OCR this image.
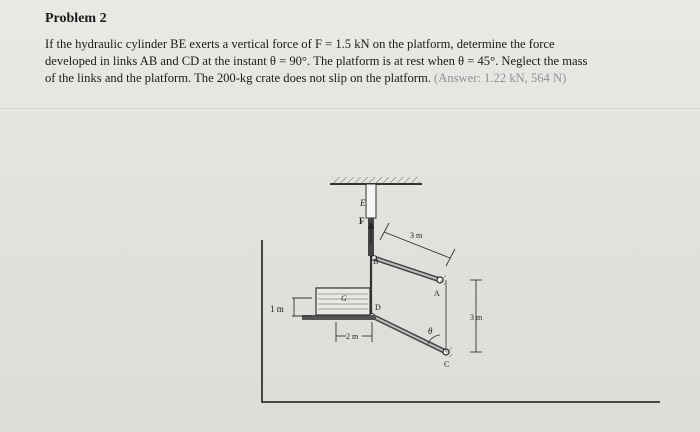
Problem 2

If the hydraulic cylinder BE exerts a vertical force of F = 1.5 kN on the platform, determine the force
developed in links AB and CD at the instant θ = 90°. The platform is at rest when θ = 45°. Neglect the mass
of the links and the platform. The 200-kg crate does not slip on the platform. (Answer: 1.22 kN, 564 N)

E
F
B
A
D
C
G
θ
3 m
3 m
1 m
2 m
